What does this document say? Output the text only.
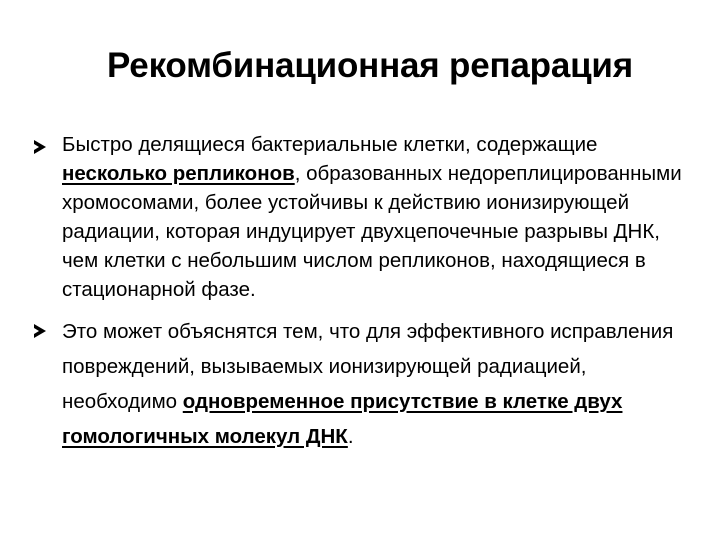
Рекомбинационная репарация
Быстро делящиеся бактериальные клетки, содержащие несколько репликонов, образованных недореплицированными хромосомами, более устойчивы к действию ионизирующей радиации, которая индуцирует двухцепочечные разрывы ДНК, чем клетки с небольшим числом репликонов, находящиеся в стационарной фазе.
Это может объяснятся тем, что для эффективного исправления повреждений, вызываемых ионизирующей радиацией, необходимо одновременное присутствие в клетке двух гомологичных молекул ДНК.
